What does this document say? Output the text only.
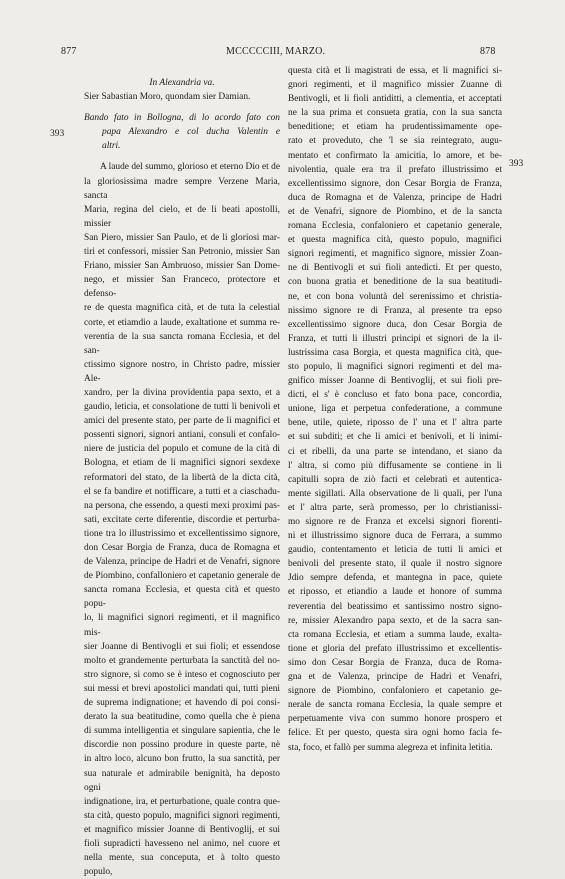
877	MCCCCCIII, MARZO.	878
393
393
In Alexandria va.
Sier Sabastian Moro, quondam sier Damian.
Bando fato in Bollogna, di lo acordo fato con
papa Alexandro e col ducha Valentin e
altri.
A laude del summo, glorioso et eterno Dio et de
la gloriosissima madre sempre Verzene Maria, sancta
Maria, regina del cielo, et de li beati apostolli, missier
San Piero, missier San Paulo, et de li gloriosi mar-
tiri et confessori, missier San Petronio, missier San
Friano, missier San Ambruoso, missier San Dome-
nego, et missier San Franceco, protectore et defenso-
re de questa magnifica cità, et de tuta la celestial
corte, et etiamdio a laude, exaltatione et summa re-
verentia de la sua sancta romana Ecclesia, et del san-
ctissimo signore nostro, in Christo padre, missier Ale-
xandro, per la divina providentia papa sexto, et a
gaudio, leticia, et consolatione de tutti li benivoli et
amici del presente stato, per parte de li magnifici et
possenti signori, signori antiani, consuli et confalo-
niere de justicia del populo et comune de la cità di
Bologna, et etiam de li magnifici signori sexdexe
reformatori del stato, de la libertà de la dicta cità,
el se fa bandire et notifficare, a tutti et a ciaschadu-
na persona, che essendo, a questi mexi proximi pas-
sati, excitate certe diferentie, discordie et perturba-
tione tra lo illustrissimo et excellentissimo signore,
don Cesar Borgia de Franza, duca de Romagna et
de Valenza, principe de Hadri et de Venafri, signore
de Piombino, confalloniero et capetanio generale de
sancta romana Ecclesia, et questa cità et questo popu-
lo, li magnifici signori regimenti, et il magnifico mis-
sier Joanne di Bentivogli et sui fioli; et essendose
molto et grandemente perturbata la sanctità del no-
stro signore, si como se è inteso et cognosciuto per
sui messi et brevi apostolici mandati qui, tutti pieni
de suprema indignatione; et havendo di poi consi-
derato la sua beatitudine, como quella che è piena
di summa intelligentia et singulare sapientia, che le
discordie non possino produre in queste parte, nè
in altro loco, alcuno bon frutto, la sua sanctità, per
sua naturale et admirabile benignità, ha deposto ogni
indignatione, ira, et perturbatione, quale contra que-
sta cità, questo populo, magnifici signori regimenti,
et magnifico missier Joanne di Bentivoglij, et sui
fioli supradicti havesseno nel animo, nel cuore et
nella mente, sua conceputa, et à tolto questo populo,
questa cità et li magistrati de essa, et li magnifici si-
gnori regimenti, et il magnifico missier Zuanne di
Bentivogli, et li fioli antiditti, a clementia, et acceptati
ne la sua prima et consueta gratia, con la sua sancta
beneditione; et etiam ha prudentissimamente ope-
rato et proveduto, che 'l se sia reintegrato, augu-
mentato et confirmato la amicitia, lo amore, et be-
nivolentia, quale era tra il prefato illustrissimo et
excellentissimo signore, don Cesar Borgia de Franza,
duca de Romagna et de Valenza, principe de Hadri
et de Venafri, signore de Piombino, et de la sancta
romana Ecclesia, confaloniero et capetanio generale,
et questa magnifica cità, questo populo, magnifici
signori regimenti, et magnifico signore, missier Zoan-
ne di Bentivogli et sui fioli antedicti. Et per questo,
con buona gratia et beneditione de la sua beatitudi-
ne, et con bona voluntà del serenissimo et christia-
nissimo signore re di Franza, al presente tra epso
excellentissimo signore duca, don Cesar Borgia de
Franza, et tutti li illustri principi et signori de la il-
lustrissima casa Borgia, et questa magnifica cità, que-
sto populo, li magnifici signori regimenti et del ma-
gnifico misser Joanne di Bentivoglij, et sui fioli pre-
dicti, el s' è concluso et fato bona pace, concordia,
unione, liga et perpetua confederatione, a commune
bene, utile, quiete, riposso de l' una et l' altra parte
et sui subditi; et che li amici et benivoli, et li inimi-
ci et ribelli, da una parte se intendano, et siano da
l' altra, si como più diffusamente se contiene in li
capitulli sopra de ziò facti et celebrati et autentica-
mente sigillati. Alla observatione de li quali, per l'una
et l' altra parte, serà promesso, per lo christianissi-
mo signore re de Franza et excelsi signori fiorenti-
ni et illustrissimo signore duca de Ferrara, a summo
gaudio, contentamento et leticia de tutti li amici et
benivoli del presente stato, il quale il nostro signore
Jdio sempre defenda, et mantegna in pace, quiete
et riposso, et etiandio a laude et honore of summa
reverentia del beatissimo et santissimo nostro signo-
re, missier Alexandro papa sexto, et de la sacra san-
cta romana Ecclesia, et etiam a summa laude, exalta-
tione et gloria del prefato illustrissimo et excellentis-
simo don Cesar Borgia de Franza, duca de Roma-
gna et de Valenza, principe de Hadri et Venafri,
signore de Piombino, confaloniero et capetanio ge-
nerale de sancta romana Ecclesia, la quale sempre et
perpetuamente viva con summo honore prospero et
felice. Et per questo, questa sira ogni homo facia fe-
sta, foco, et fallò per summa alegreza et infinita letitia.
